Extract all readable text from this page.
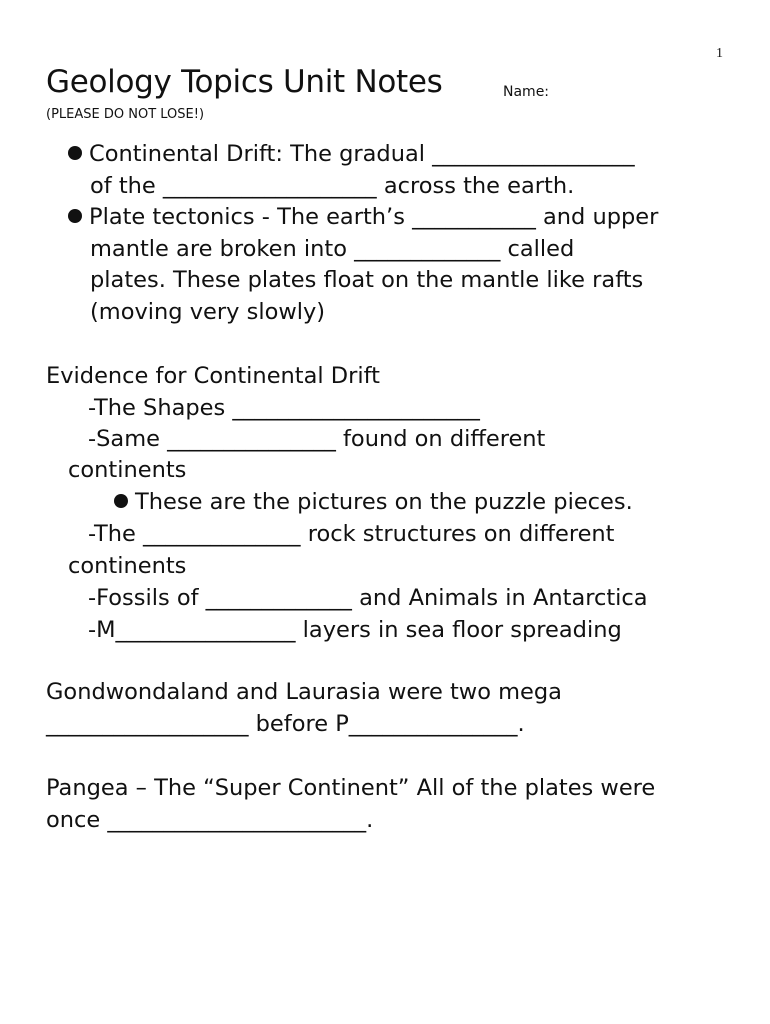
1
Geology Topics Unit Notes	Name:
(PLEASE DO NOT LOSE!)

Continental Drift: The gradual __________________

of the ___________________ across the earth.

Plate tectonics - The earth’s ___________ and upper

mantle are broken into _____________ called

plates. These plates float on the mantle like rafts

(moving very slowly)

Evidence for Continental Drift

-The Shapes ______________________

-Same _______________ found on different

continents

These are the pictures on the puzzle pieces.

-The ______________ rock structures on different

continents

-Fossils of _____________ and Animals in Antarctica

-M________________ layers in sea floor spreading

Gondwondaland and Laurasia were two mega

__________________ before P_______________.

Pangea – The “Super Continent” All of the plates were

once _______________________.
